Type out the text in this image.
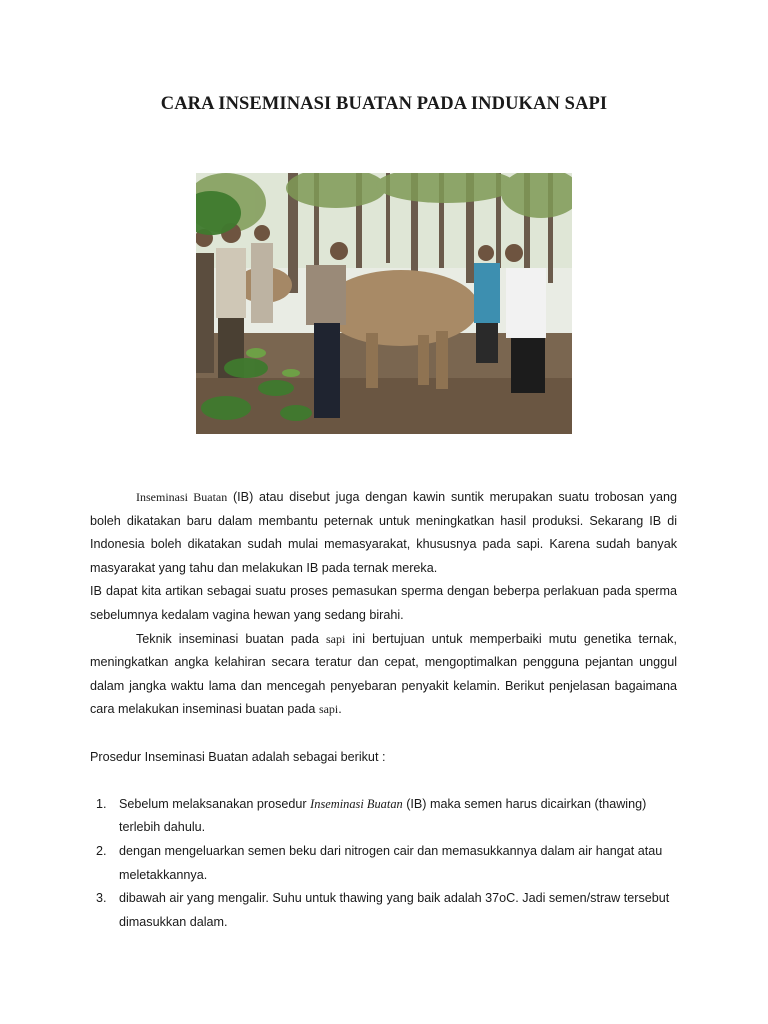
CARA INSEMINASI BUATAN PADA INDUKAN SAPI

Inseminasi Buatan (IB) atau disebut juga dengan kawin suntik merupakan suatu trobosan yang boleh dikatakan baru dalam membantu peternak untuk meningkatkan hasil produksi. Sekarang IB di Indonesia boleh dikatakan sudah mulai memasyarakat, khususnya pada sapi. Karena sudah banyak masyarakat yang tahu dan melakukan IB pada ternak mereka.

IB dapat kita artikan sebagai suatu proses pemasukan sperma dengan beberpa perlakuan pada sperma sebelumnya kedalam vagina hewan yang sedang birahi.

Teknik inseminasi buatan pada sapi ini bertujuan untuk memperbaiki mutu genetika ternak, meningkatkan angka kelahiran secara teratur dan cepat, mengoptimalkan pengguna pejantan unggul dalam jangka waktu lama dan mencegah penyebaran penyakit kelamin. Berikut penjelasan bagaimana cara melakukan inseminasi buatan pada sapi.

Prosedur Inseminasi Buatan adalah sebagai berikut :

1. Sebelum melaksanakan prosedur Inseminasi Buatan (IB) maka semen harus dicairkan (thawing) terlebih dahulu.
2. dengan mengeluarkan semen beku dari nitrogen cair dan memasukkannya dalam air hangat atau meletakkannya.
3. dibawah air yang mengalir. Suhu untuk thawing yang baik adalah 37oC. Jadi semen/straw tersebut dimasukkan dalam.
